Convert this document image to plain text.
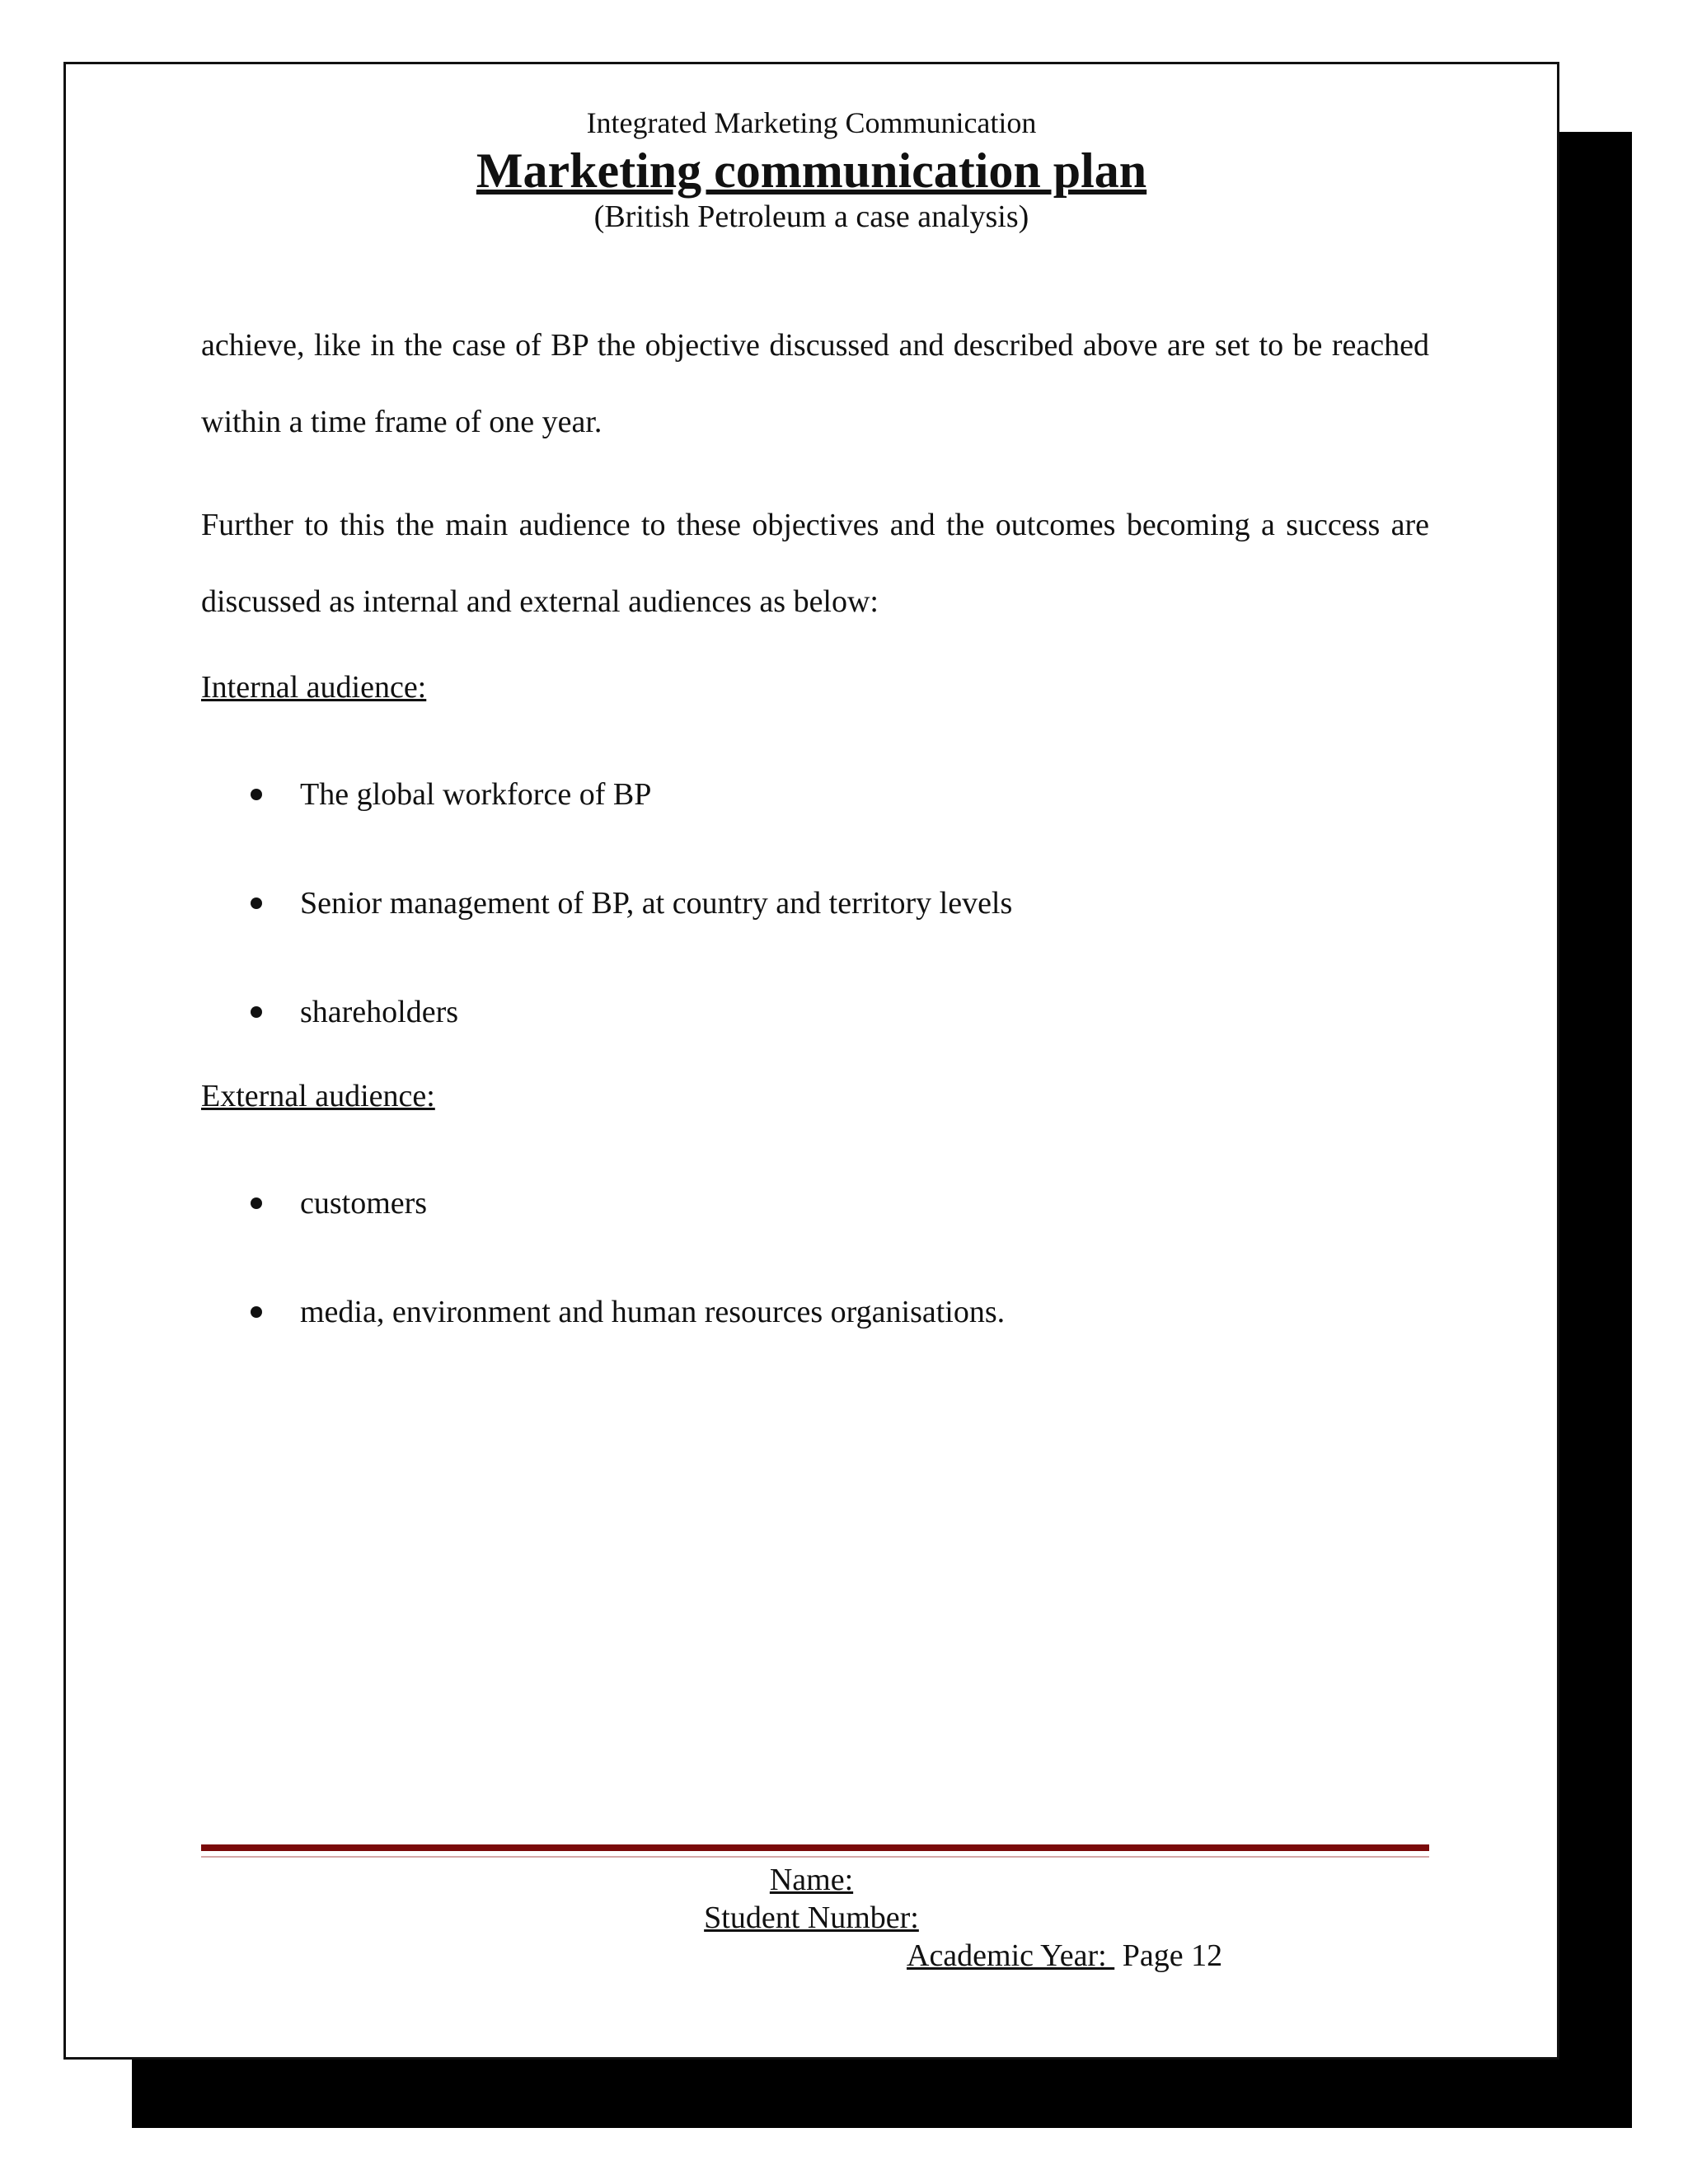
Integrated Marketing Communication
Marketing communication plan
(British Petroleum a case analysis)

achieve, like in the case of BP the objective discussed and described above are set to be reached within a time frame of one year.

Further to this the main audience to these objectives and the outcomes becoming a success are discussed as internal and external audiences as below:

Internal audience:
The global workforce of BP
Senior management of BP, at country and territory levels
shareholders
External audience:
customers
media, environment and human resources organisations.
Name:
Student Number:
Academic Year:  Page 12
